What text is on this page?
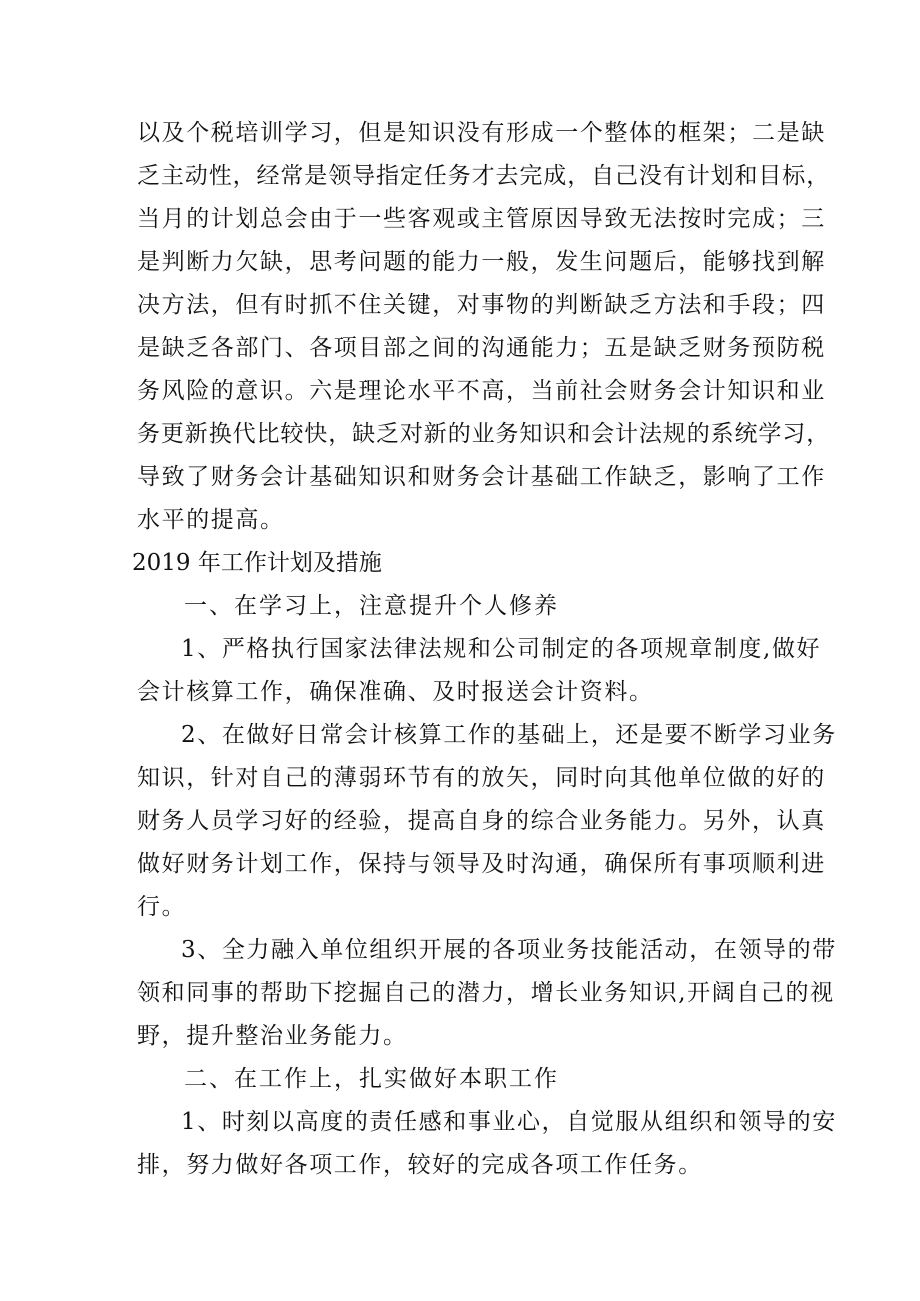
以及个税培训学习，但是知识没有形成一个整体的框架；二是缺
乏主动性，经常是领导指定任务才去完成，自己没有计划和目标，
当月的计划总会由于一些客观或主管原因导致无法按时完成；三
是判断力欠缺，思考问题的能力一般，发生问题后，能够找到解
决方法，但有时抓不住关键，对事物的判断缺乏方法和手段；四
是缺乏各部门、各项目部之间的沟通能力；五是缺乏财务预防税
务风险的意识。六是理论水平不高，当前社会财务会计知识和业
务更新换代比较快，缺乏对新的业务知识和会计法规的系统学习，
导致了财务会计基础知识和财务会计基础工作缺乏，影响了工作
水平的提高。
2019 年工作计划及措施
一、在学习上，注意提升个人修养
1、严格执行国家法律法规和公司制定的各项规章制度,做好
会计核算工作，确保准确、及时报送会计资料。
2、在做好日常会计核算工作的基础上，还是要不断学习业务
知识，针对自己的薄弱环节有的放矢，同时向其他单位做的好的
财务人员学习好的经验，提高自身的综合业务能力。另外，认真
做好财务计划工作，保持与领导及时沟通，确保所有事项顺利进
行。
3、全力融入单位组织开展的各项业务技能活动，在领导的带
领和同事的帮助下挖掘自己的潜力，增长业务知识,开阔自己的视
野，提升整治业务能力。
二、在工作上，扎实做好本职工作
1、时刻以高度的责任感和事业心，自觉服从组织和领导的安
排，努力做好各项工作，较好的完成各项工作任务。
